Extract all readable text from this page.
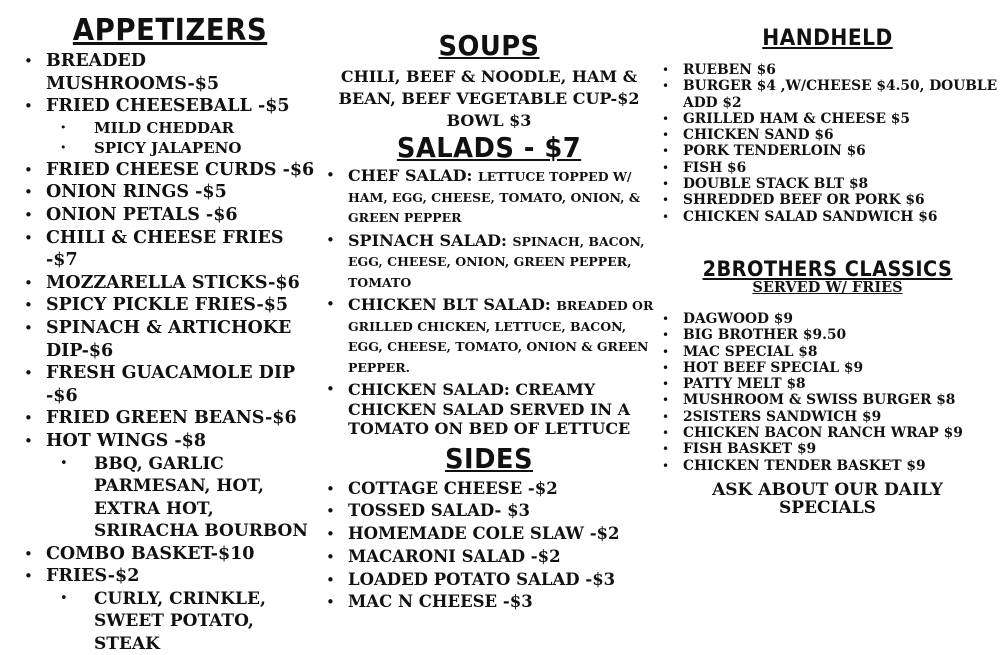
APPETIZERS
• BREADED MUSHROOMS-$5
• FRIED CHEESEBALL -$5
• MILD CHEDDAR
• SPICY JALAPENO
• FRIED CHEESE CURDS -$6
• ONION RINGS -$5
• ONION PETALS -$6
• CHILI & CHEESE FRIES -$7
• MOZZARELLA STICKS-$6
• SPICY PICKLE FRIES-$5
• SPINACH & ARTICHOKE DIP-$6
• FRESH GUACAMOLE DIP -$6
• FRIED GREEN BEANS-$6
• HOT WINGS -$8
• BBQ, GARLIC PARMESAN, HOT, EXTRA HOT, SRIRACHA BOURBON
• COMBO BASKET-$10
• FRIES-$2
• CURLY, CRINKLE, SWEET POTATO, STEAK
SOUPS
CHILI, BEEF & NOODLE, HAM & BEAN, BEEF VEGETABLE CUP-$2 BOWL $3
SALADS - $7
• CHEF SALAD: LETTUCE TOPPED W/ HAM, EGG, CHEESE, TOMATO, ONION, & GREEN PEPPER
• SPINACH SALAD: SPINACH, BACON, EGG, CHEESE, ONION, GREEN PEPPER, TOMATO
• CHICKEN BLT SALAD: BREADED OR GRILLED CHICKEN, LETTUCE, BACON, EGG, CHEESE, TOMATO, ONION & GREEN PEPPER.
• CHICKEN SALAD: CREAMY CHICKEN SALAD SERVED IN A TOMATO ON BED OF LETTUCE
SIDES
• COTTAGE CHEESE -$2
• TOSSED SALAD- $3
• HOMEMADE COLE SLAW -$2
• MACARONI SALAD -$2
• LOADED POTATO SALAD -$3
• MAC N CHEESE -$3
HANDHELD
• RUEBEN $6
• BURGER $4 ,W/CHEESE $4.50, DOUBLE ADD $2
• GRILLED HAM & CHEESE $5
• CHICKEN SAND $6
• PORK TENDERLOIN $6
• FISH $6
• DOUBLE STACK BLT $8
• SHREDDED BEEF OR PORK $6
• CHICKEN SALAD SANDWICH $6
2BROTHERS CLASSICS
SERVED W/ FRIES
• DAGWOOD $9
• BIG BROTHER $9.50
• MAC SPECIAL $8
• HOT BEEF SPECIAL $9
• PATTY MELT $8
• MUSHROOM & SWISS BURGER $8
• 2SISTERS SANDWICH $9
• CHICKEN BACON RANCH WRAP $9
• FISH BASKET $9
• CHICKEN TENDER BASKET $9
ASK ABOUT OUR DAILY SPECIALS
